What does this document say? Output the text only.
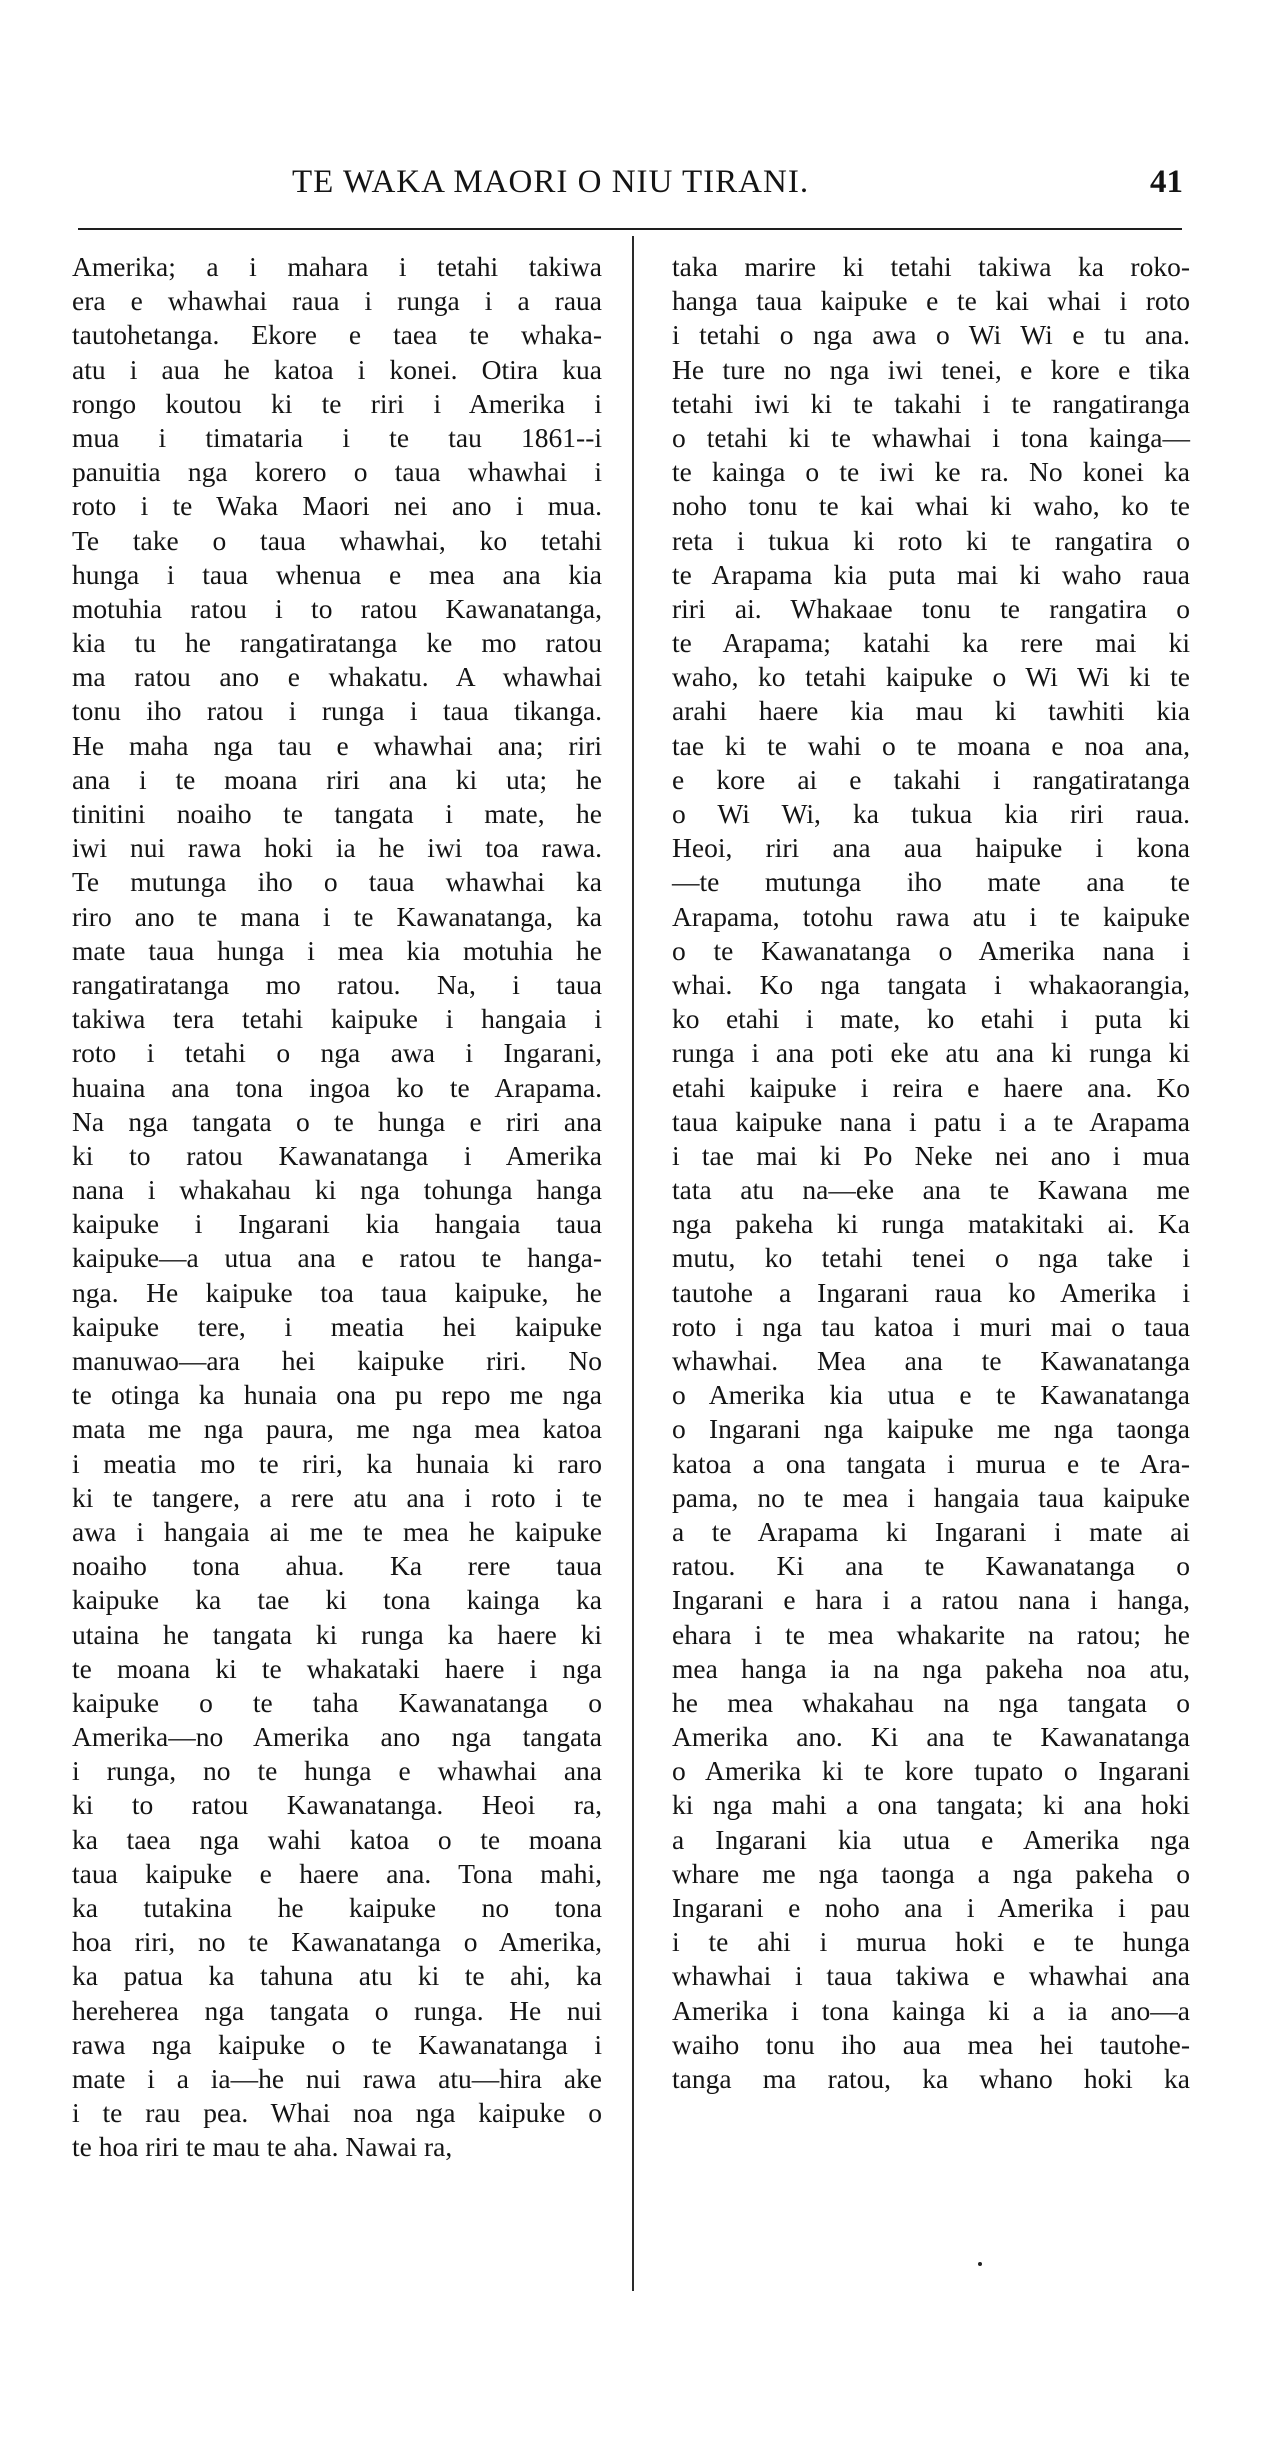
TE WAKA MAORI O NIU TIRANI.	41
Amerika; a i mahara i tetahi takiwa
era e whawhai raua i runga i a raua
tautohetanga. Ekore e taea te whaka-
atu i aua he katoa i konei. Otira kua
rongo koutou ki te riri i Amerika i
mua i timataria i te tau 1861--i
panuitia nga korero o taua whawhai i
roto i te Waka Maori nei ano i mua.
Te take o taua whawhai, ko tetahi
hunga i taua whenua e mea ana kia
motuhia ratou i to ratou Kawanatanga,
kia tu he rangatiratanga ke mo ratou
ma ratou ano e whakatu. A whawhai
tonu iho ratou i runga i taua tikanga.
He maha nga tau e whawhai ana; riri
ana i te moana riri ana ki uta; he
tinitini noaiho te tangata i mate, he
iwi nui rawa hoki ia he iwi toa rawa.
Te mutunga iho o taua whawhai ka
riro ano te mana i te Kawanatanga, ka
mate taua hunga i mea kia motuhia he
rangatiratanga mo ratou. Na, i taua
takiwa tera tetahi kaipuke i hangaia i
roto i tetahi o nga awa i Ingarani,
huaina ana tona ingoa ko te Arapama.
Na nga tangata o te hunga e riri ana
ki to ratou Kawanatanga i Amerika
nana i whakahau ki nga tohunga hanga
kaipuke i Ingarani kia hangaia taua
kaipuke—a utua ana e ratou te hanga-
nga. He kaipuke toa taua kaipuke, he
kaipuke tere, i meatia hei kaipuke
manuwao—ara hei kaipuke riri. No
te otinga ka hunaia ona pu repo me nga
mata me nga paura, me nga mea katoa
i meatia mo te riri, ka hunaia ki raro
ki te tangere, a rere atu ana i roto i te
awa i hangaia ai me te mea he kaipuke
noaiho tona ahua. Ka rere taua
kaipuke ka tae ki tona kainga ka
utaina he tangata ki runga ka haere ki
te moana ki te whakataki haere i nga
kaipuke o te taha Kawanatanga o
Amerika—no Amerika ano nga tangata
i runga, no te hunga e whawhai ana
ki to ratou Kawanatanga. Heoi ra,
ka taea nga wahi katoa o te moana
taua kaipuke e haere ana. Tona mahi,
ka tutakina he kaipuke no tona
hoa riri, no te Kawanatanga o Amerika,
ka patua ka tahuna atu ki te ahi, ka
hereherea nga tangata o runga. He nui
rawa nga kaipuke o te Kawanatanga i
mate i a ia—he nui rawa atu—hira ake
i te rau pea. Whai noa nga kaipuke o
te hoa riri te mau te aha. Nawai ra,
taka marire ki tetahi takiwa ka roko-
hanga taua kaipuke e te kai whai i roto
i tetahi o nga awa o Wi Wi e tu ana.
He ture no nga iwi tenei, e kore e tika
tetahi iwi ki te takahi i te rangatiranga
o tetahi ki te whawhai i tona kainga—
te kainga o te iwi ke ra. No konei ka
noho tonu te kai whai ki waho, ko te
reta i tukua ki roto ki te rangatira o
te Arapama kia puta mai ki waho raua
riri ai. Whakaae tonu te rangatira o
te Arapama; katahi ka rere mai ki
waho, ko tetahi kaipuke o Wi Wi ki te
arahi haere kia mau ki tawhiti kia
tae ki te wahi o te moana e noa ana,
e kore ai e takahi i rangatiratanga
o Wi Wi, ka tukua kia riri raua.
Heoi, riri ana aua haipuke i kona
—te mutunga iho mate ana te
Arapama, totohu rawa atu i te kaipuke
o te Kawanatanga o Amerika nana i
whai. Ko nga tangata i whakaorangia,
ko etahi i mate, ko etahi i puta ki
runga i ana poti eke atu ana ki runga ki
etahi kaipuke i reira e haere ana. Ko
taua kaipuke nana i patu i a te Arapama
i tae mai ki Po Neke nei ano i mua
tata atu na—eke ana te Kawana me
nga pakeha ki runga matakitaki ai. Ka
mutu, ko tetahi tenei o nga take i
tautohe a Ingarani raua ko Amerika i
roto i nga tau katoa i muri mai o taua
whawhai. Mea ana te Kawanatanga
o Amerika kia utua e te Kawanatanga
o Ingarani nga kaipuke me nga taonga
katoa a ona tangata i murua e te Ara-
pama, no te mea i hangaia taua kaipuke
a te Arapama ki Ingarani i mate ai
ratou. Ki ana te Kawanatanga o
Ingarani e hara i a ratou nana i hanga,
ehara i te mea whakarite na ratou; he
mea hanga ia na nga pakeha noa atu,
he mea whakahau na nga tangata o
Amerika ano. Ki ana te Kawanatanga
o Amerika ki te kore tupato o Ingarani
ki nga mahi a ona tangata; ki ana hoki
a Ingarani kia utua e Amerika nga
whare me nga taonga a nga pakeha o
Ingarani e noho ana i Amerika i pau
i te ahi i murua hoki e te hunga
whawhai i taua takiwa e whawhai ana
Amerika i tona kainga ki a ia ano—a
waiho tonu iho aua mea hei tautohe-
tanga ma ratou, ka whano hoki ka
